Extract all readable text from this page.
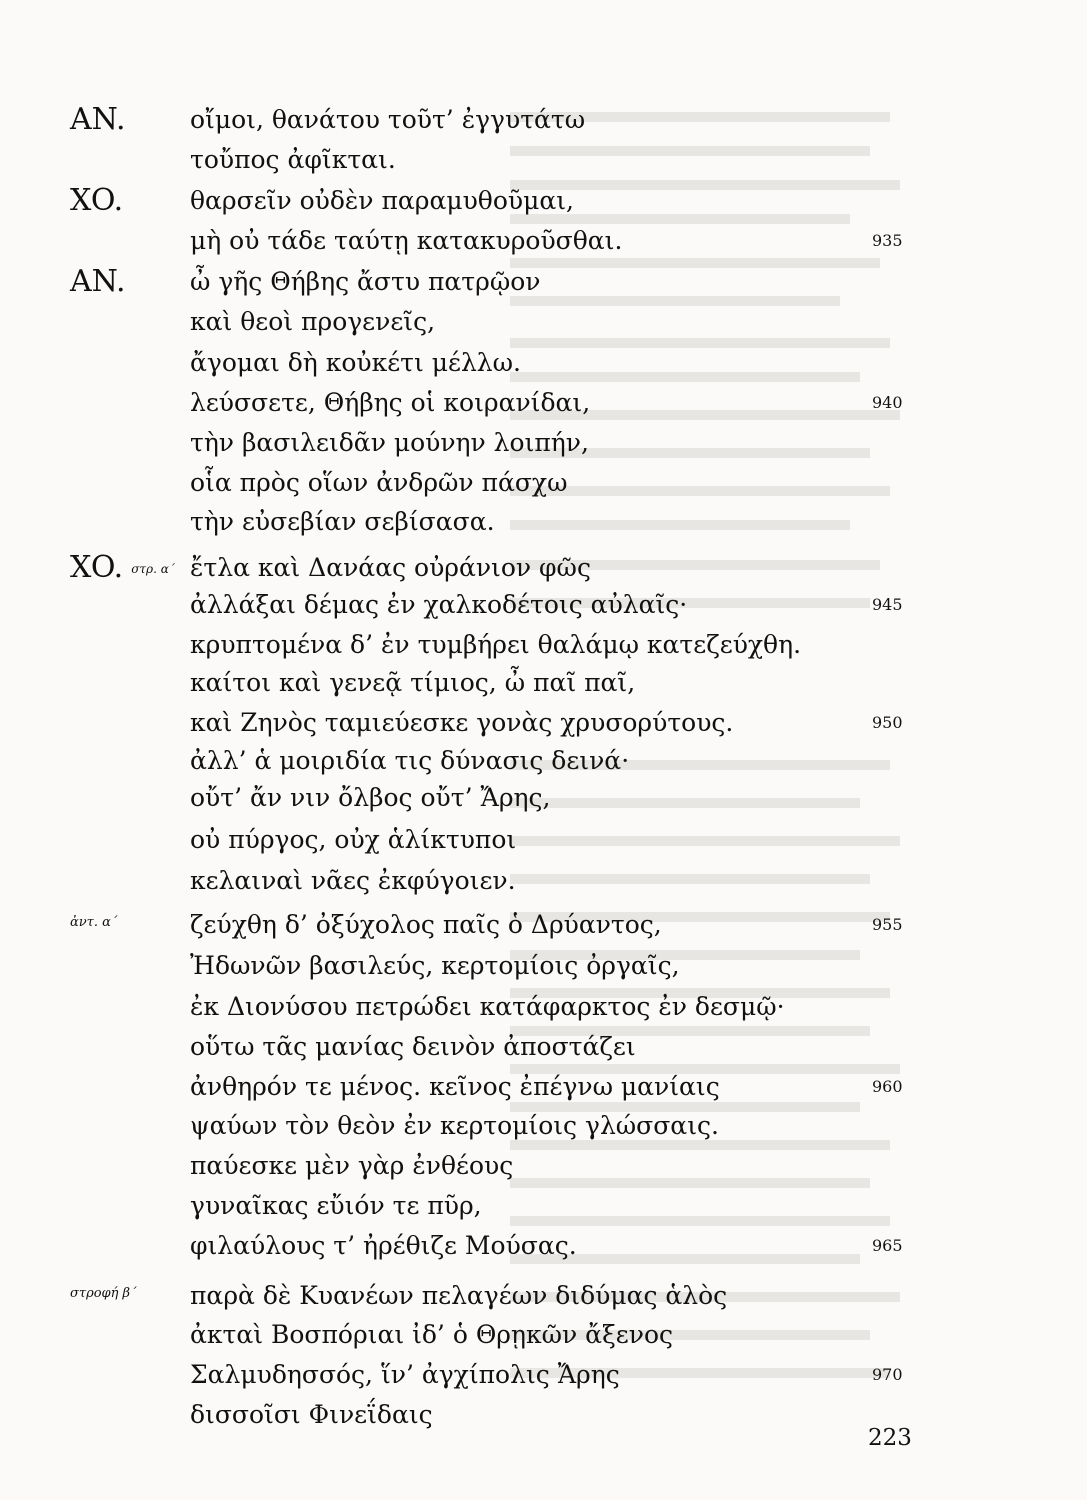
223
AN.	οἴμοι, θανάτου τοῦτ’ ἐγγυτάτω
τοὔπος ἀφῖκται.
XO.	θαρσεῖν οὐδὲν παραμυθοῦμαι,
μὴ οὐ τάδε ταύτῃ κατακυροῦσθαι.	935
AN.	ὦ γῆς Θήβης ἄστυ πατρῷον
καὶ θεοὶ προγενεῖς,
ἄγομαι δὴ κοὐκέτι μέλλω.
λεύσσετε, Θήβης οἱ κοιρανίδαι,	940
τὴν βασιλειδᾶν μούνην λοιπήν,
οἷα πρὸς οἵων ἀνδρῶν πάσχω
τὴν εὐσεβίαν σεβίσασα.
XO. στρ. α΄ ἔτλα καὶ Δανάας οὐράνιον φῶς
ἀλλάξαι δέμας ἐν χαλκοδέτοις αὐλαῖς·	945
κρυπτομένα δ’ ἐν τυμβήρει θαλάμῳ κατεζεύχθη.
καίτοι καὶ γενεᾷ τίμιος, ὦ παῖ παῖ,
καὶ Ζηνὸς ταμιεύεσκε γονὰς χρυσορύτους.	950
ἀλλ’ ἁ μοιριδία τις δύνασις δεινά·
οὔτ’ ἄν νιν ὄλβος οὔτ’ Ἄρης,
οὐ πύργος, οὐχ ἁλίκτυποι
κελαιναὶ νᾶες ἐκφύγοιεν.
ἀντ. α΄	ζεύχθη δ’ ὀξύχολος παῖς ὁ Δρύαντος,	955
Ἠδωνῶν βασιλεύς, κερτομίοις ὀργαῖς,
ἐκ Διονύσου πετρώδει κατάφαρκτος ἐν δεσμῷ·
οὕτω τᾶς μανίας δεινὸν ἀποστάζει
ἀνθηρόν τε μένος. κεῖνος ἐπέγνω μανίαις	960
ψαύων τὸν θεὸν ἐν κερτομίοις γλώσσαις.
παύεσκε μὲν γὰρ ἐνθέους
γυναῖκας εὔιόν τε πῦρ,
φιλαύλους τ’ ἠρέθιζε Μούσας.	965
στροφή β΄ παρὰ δὲ Κυανέων πελαγέων διδύμας ἁλὸς
ἀκταὶ Βοσπόριαι ἰδ’ ὁ Θρῃκῶν ἄξενος
Σαλμυδησσός, ἵν’ ἀγχίπολις Ἄρης	970
δισσοῖσι Φινεΐδαις
